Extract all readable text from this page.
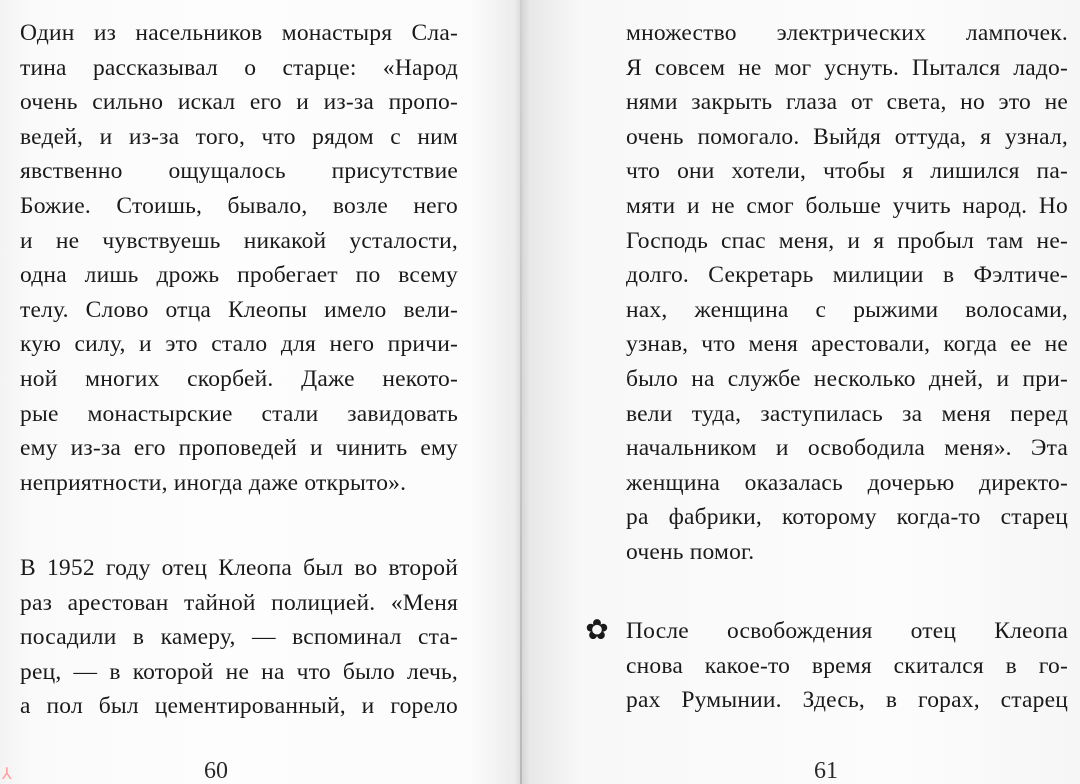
Один из насельников монастыря Сла-
тина рассказывал о старце: «Народ
очень сильно искал его и из-за пропо-
ведей, и из-за того, что рядом с ним
явственно ощущалось присутствие
Божие. Стоишь, бывало, возле него
и не чувствуешь никакой усталости,
одна лишь дрожь пробегает по всему
телу. Слово отца Клеопы имело вели-
кую силу, и это стало для него причи-
ной многих скорбей. Даже некото-
рые монастырские стали завидовать
ему из-за его проповедей и чинить ему
неприятности, иногда даже открыто».
В 1952 году отец Клеопа был во второй
раз арестован тайной полицией. «Меня
посадили в камеру, — вспоминал ста-
рец, — в которой не на что было лечь,
а пол был цементированный, и горело
60
множество электрических лампочек.
Я совсем не мог уснуть. Пытался ладо-
нями закрыть глаза от света, но это не
очень помогало. Выйдя оттуда, я узнал,
что они хотели, чтобы я лишился па-
мяти и не смог больше учить народ. Но
Господь спас меня, и я пробыл там не-
долго. Секретарь милиции в Фэлтиче-
нах, женщина с рыжими волосами,
узнав, что меня арестовали, когда ее не
было на службе несколько дней, и при-
вели туда, заступилась за меня перед
начальником и освободила меня». Эта
женщина оказалась дочерью директо-
ра фабрики, которому когда-то старец
очень помог.
✿ После освобождения отец Клеопа
снова какое-то время скитался в го-
рах Румынии. Здесь, в горах, старец
61
⅄
